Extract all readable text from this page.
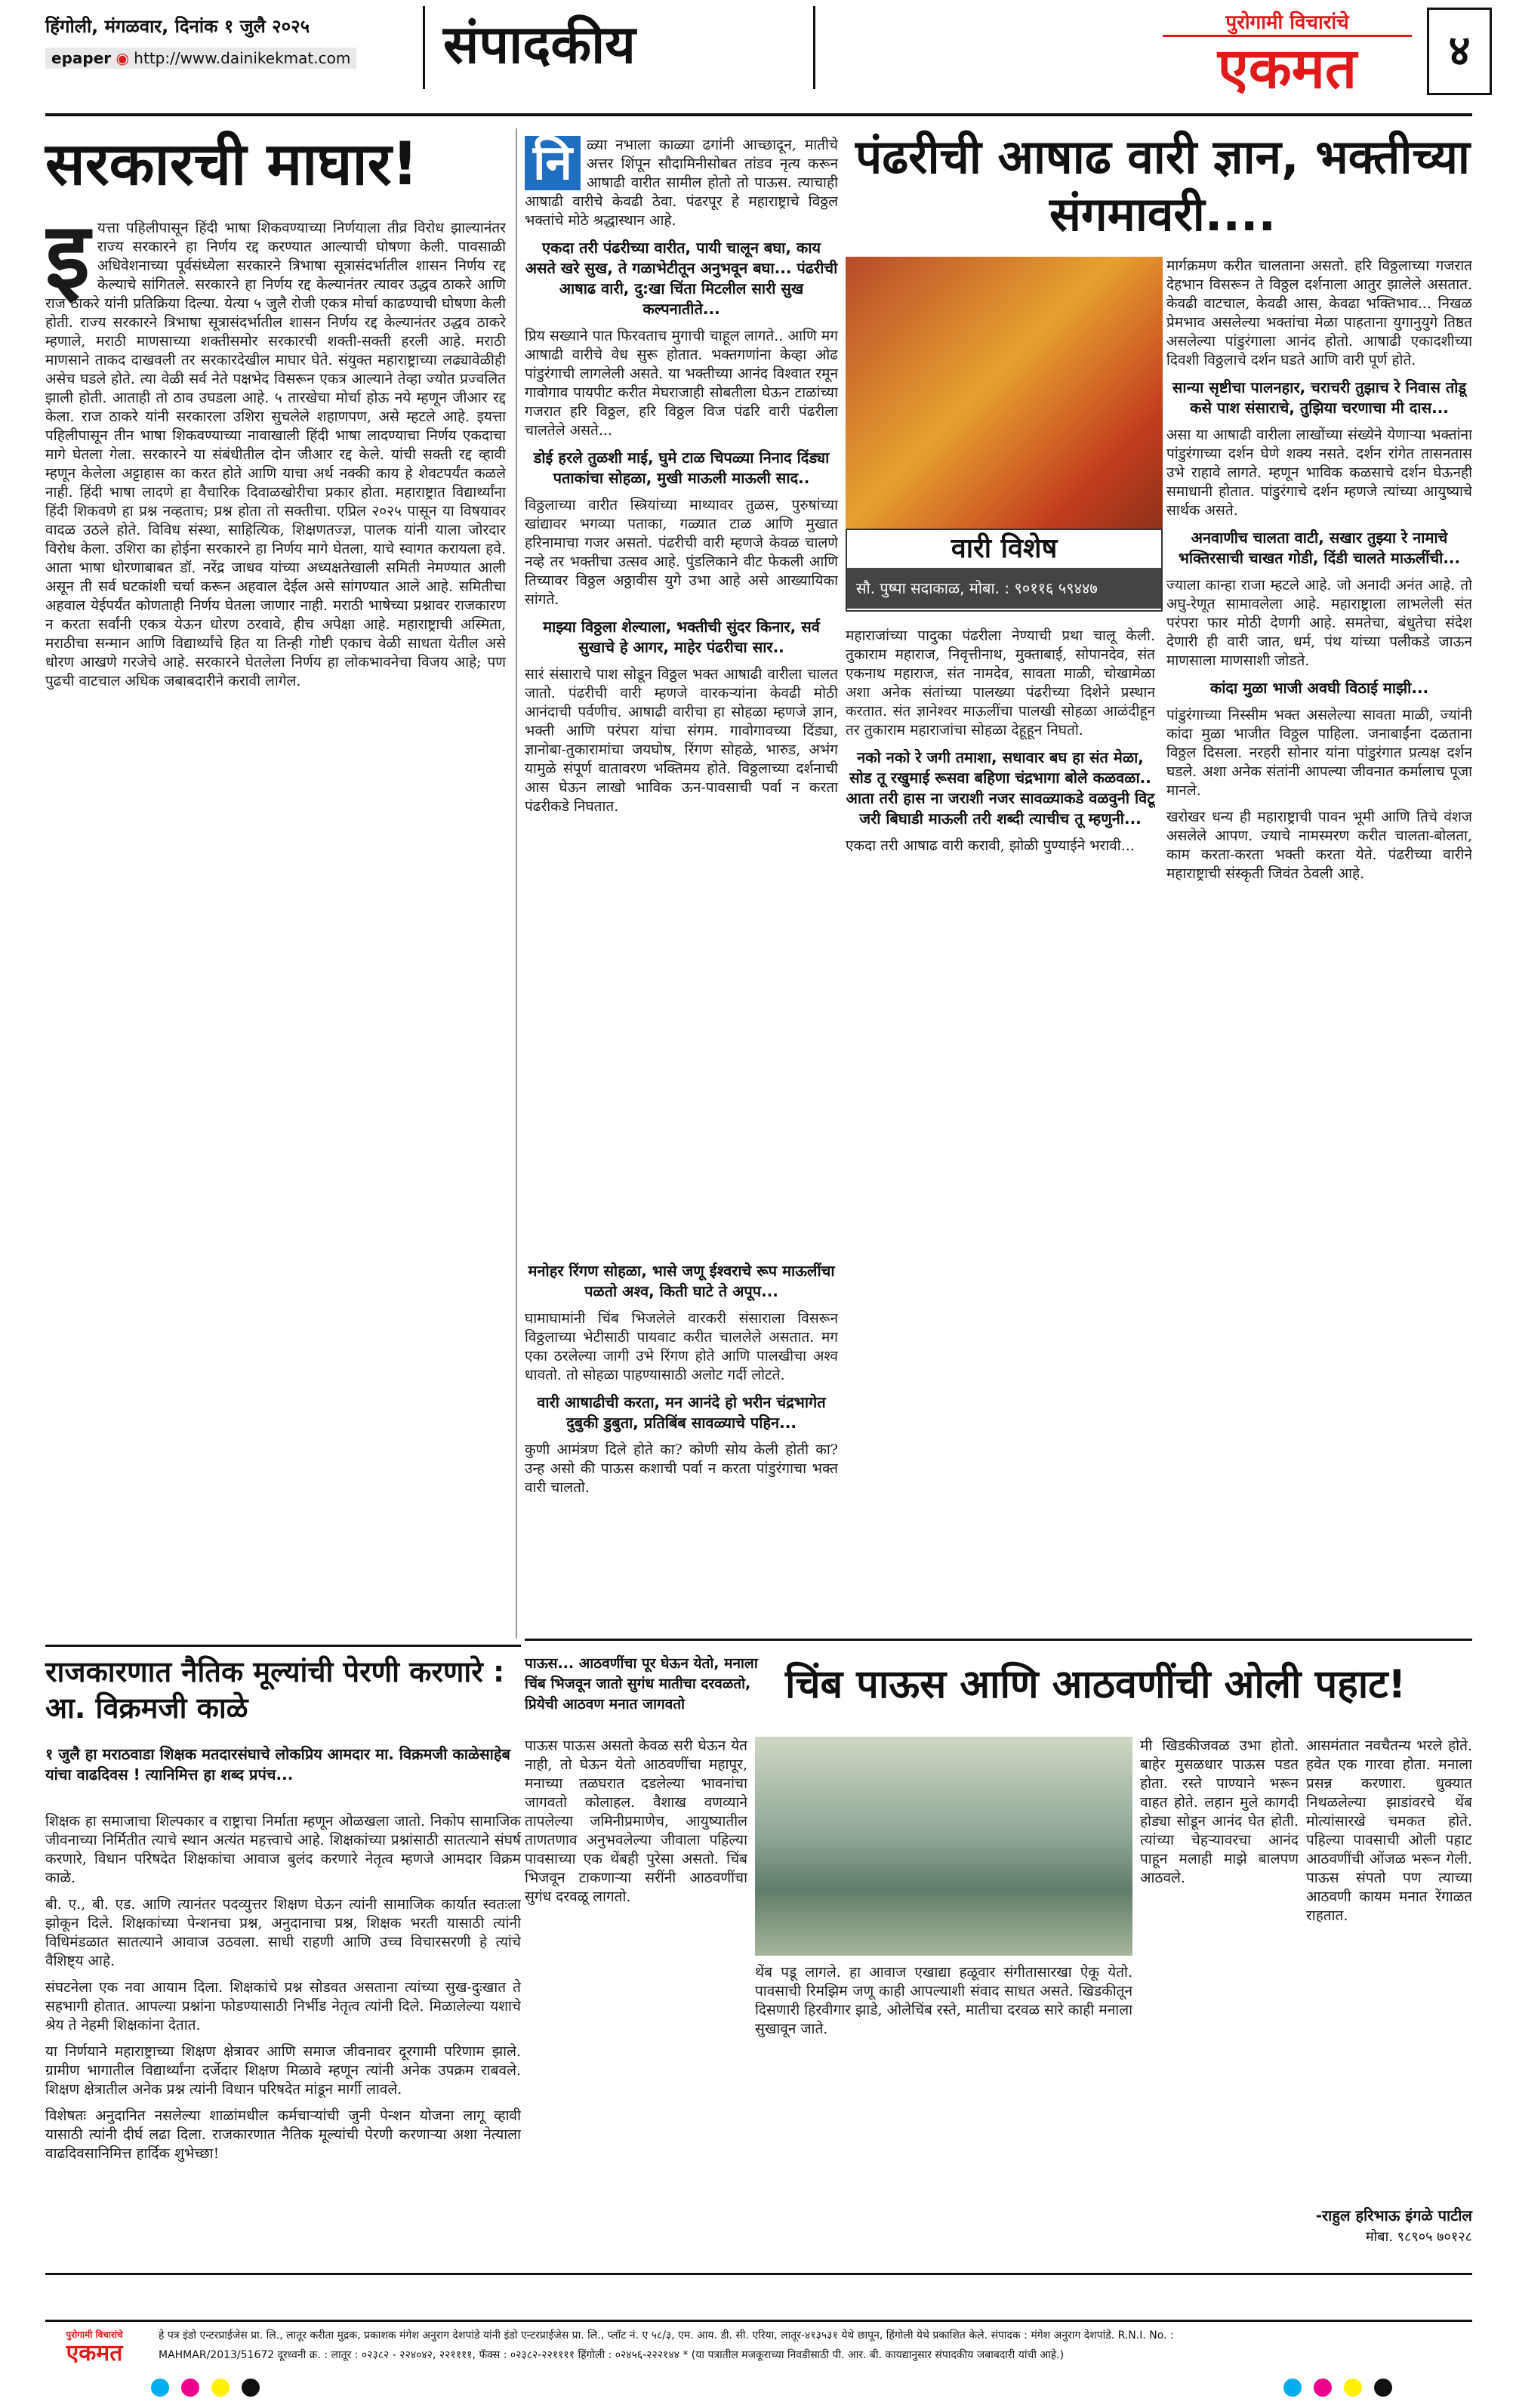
हिंगोली, मंगळवार, दिनांक १ जुलै २०२५
epaper ◉ http://www.dainikekmat.com	संपादकीय	पुरोगामी विचारांचे
एकमत	४
सरकारची माघार!
इ यत्ता पहिलीपासून हिंदी भाषा शिकवण्याच्या निर्णयाला तीव्र विरोध झाल्यानंतर राज्य सरकारने हा निर्णय रद्द करण्यात आल्याची घोषणा केली. पावसाळी अधिवेशनाच्या पूर्वसंध्येला सरकारने त्रिभाषा सूत्रासंदर्भातील शासन निर्णय रद्द केल्याचे सांगितले. सरकारने हा निर्णय रद्द केल्यानंतर त्यावर उद्धव ठाकरे आणि राज ठाकरे यांनी प्रतिक्रिया दिल्या. येत्या ५ जुलै रोजी एकत्र मोर्चा काढण्याची घोषणा केली होती. राज्य सरकारने त्रिभाषा सूत्रासंदर्भातील शासन निर्णय रद्द केल्यानंतर उद्धव ठाकरे म्हणाले, मराठी माणसाच्या शक्तीसमोर सरकारची शक्ती-सक्ती हरली आहे. मराठी माणसाने ताकद दाखवली तर सरकारदेखील माघार घेते. संयुक्त महाराष्ट्राच्या लढ्यावेळीही असेच घडले होते. त्या वेळी सर्व नेते पक्षभेद विसरून एकत्र आल्याने तेव्हा ज्योत प्रज्वलित झाली होती. आताही तो ठाव उघडला आहे. ५ तारखेचा मोर्चा होऊ नये म्हणून जीआर रद्द केला. राज ठाकरे यांनी सरकारला उशिरा सुचलेले शहाणपण, असे म्हटले आहे. इयत्ता पहिलीपासून तीन भाषा शिकवण्याच्या नावाखाली हिंदी भाषा लादण्याचा निर्णय एकदाचा मागे घेतला गेला. सरकारने या संबंधीतील दोन जीआर रद्द केले. यांची सक्ती रद्द व्हावी म्हणून केलेला अट्टाहास का करत होते आणि याचा अर्थ नक्की काय हे शेवटपर्यंत कळले नाही. हिंदी भाषा लादणे हा वैचारिक दिवाळखोरीचा प्रकार होता. महाराष्ट्रात विद्यार्थ्यांना हिंदी शिकवणे हा प्रश्न नव्हताच; प्रश्न होता तो सक्तीचा. एप्रिल २०२५ पासून या विषयावर वादळ उठले होते. विविध संस्था, साहित्यिक, शिक्षणतज्ज्ञ, पालक यांनी याला जोरदार विरोध केला. उशिरा का होईना सरकारने हा निर्णय मागे घेतला, याचे स्वागत करायला हवे. आता भाषा धोरणाबाबत डॉ. नरेंद्र जाधव यांच्या अध्यक्षतेखाली समिती नेमण्यात आली असून ती सर्व घटकांशी चर्चा करून अहवाल देईल असे सांगण्यात आले आहे. समितीचा अहवाल येईपर्यंत कोणताही निर्णय घेतला जाणार नाही. मराठी भाषेच्या प्रश्नावर राजकारण न करता सर्वांनी एकत्र येऊन धोरण ठरवावे, हीच अपेक्षा आहे. महाराष्ट्राची अस्मिता, मराठीचा सन्मान आणि विद्यार्थ्यांचे हित या तिन्ही गोष्टी एकाच वेळी साधता येतील असे धोरण आखणे गरजेचे आहे. सरकारने घेतलेला निर्णय हा लोकभावनेचा विजय आहे; पण पुढची वाटचाल अधिक जबाबदारीने करावी लागेल.
नि ळ्या नभाला काळ्या ढगांनी आच्छादून, मातीचे अत्तर शिंपून सौदामिनीसोबत तांडव नृत्य करून आषाढी वारीत सामील होतो तो पाऊस. त्याचाही आषाढी वारीचे केवढी ठेवा. पंढरपूर हे महाराष्ट्राचे विठ्ठल भक्तांचे मोठे श्रद्धास्थान आहे.
एकदा तरी पंढरीच्या वारीत, पायी चालून बघा, काय असते खरे सुख, ते गळाभेटीतून अनुभवून बघा... पंढरीची आषाढ वारी, दु:खा चिंता मिटलील सारी सुख कल्पनातीते...
प्रिय सख्याने पात फिरवताच मुगाची चाहूल लागते.. आणि मग आषाढी वारीचे वेध सुरू होतात. भक्तगणांना केव्हा ओढ पांडुरंगाची लागलेली असते. या भक्तीच्या आनंद विश्वात रमून गावोगाव पायपीट करीत मेघराजाही सोबतीला घेऊन टाळांच्या गजरात हरि विठ्ठल, हरि विठ्ठल विज पंढरि वारी पंढरीला चालतेले असते...
डोई हरले तुळशी माई, घुमे टाळ चिपळ्या निनाद दिंड्या पताकांचा सोहळा, मुखी माऊली माऊली साद..
विठ्ठलाच्या वारीत स्त्रियांच्या माथ्यावर तुळस, पुरुषांच्या खांद्यावर भगव्या पताका, गळ्यात टाळ आणि मुखात हरिनामाचा गजर असतो. पंढरीची वारी म्हणजे केवळ चालणे नव्हे तर भक्तीचा उत्सव आहे. पुंडलिकाने वीट फेकली आणि तिच्यावर विठ्ठल अठ्ठावीस युगे उभा आहे असे आख्यायिका सांगते.
माझ्या विठ्ठला शेल्याला, भक्तीची सुंदर किनार, सर्व सुखाचे हे आगर, माहेर पंढरीचा सार..
सारं संसाराचे पाश सोडून विठ्ठल भक्त आषाढी वारीला चालत जातो. पंढरीची वारी म्हणजे वारकऱ्यांना केवढी मोठी आनंदाची पर्वणीच. आषाढी वारीचा हा सोहळा म्हणजे ज्ञान, भक्ती आणि परंपरा यांचा संगम. गावोगावच्या दिंड्या, ज्ञानोबा-तुकारामांचा जयघोष, रिंगण सोहळे, भारुड, अभंग यामुळे संपूर्ण वातावरण भक्तिमय होते. विठ्ठलाच्या दर्शनाची आस घेऊन लाखो भाविक ऊन-पावसाची पर्वा न करता पंढरीकडे निघतात.
पंढरीची आषाढ वारी ज्ञान, भक्तीच्या संगमावरी....
वारी विशेष
सौ. पुष्पा सदाकाळ, मोबा. : ९०११६ ५९४४७
मनोहर रिंगण सोहळा, भासे जणू ईश्वराचे रूप माऊलींचा पळतो अश्व, किती घाटे ते अपूप...
घामाघामांनी चिंब भिजलेले वारकरी संसाराला विसरून विठ्ठलाच्या भेटीसाठी पायवाट करीत चाललेले असतात. मग एका ठरलेल्या जागी उभे रिंगण होते आणि पालखीचा अश्व धावतो. तो सोहळा पाहण्यासाठी अलोट गर्दी लोटते.
वारी आषाढीची करता, मन आनंदे हो भरीन चंद्रभागेत दुबुकी डुबुता, प्रतिबिंब सावळ्याचे पहिन...
कुणी आमंत्रण दिले होते का? कोणी सोय केली होती का? उन्ह असो की पाऊस कशाची पर्वा न करता पांडुरंगाचा भक्त वारी चालतो.
महाराजांच्या पादुका पंढरीला नेण्याची प्रथा चालू केली. तुकाराम महाराज, निवृत्तीनाथ, मुक्ताबाई, सोपानदेव, संत एकनाथ महाराज, संत नामदेव, सावता माळी, चोखामेळा अशा अनेक संतांच्या पालख्या पंढरीच्या दिशेने प्रस्थान करतात. संत ज्ञानेश्वर माऊलींचा पालखी सोहळा आळंदीहून तर तुकाराम महाराजांचा सोहळा देहूहून निघतो.
नको नको रे जगी तमाशा, सधावार बघ हा संत मेळा, सोड तू रखुमाई रूसवा बहिणा चंद्रभागा बोले कळवळा.. आता तरी हास ना जराशी नजर सावळ्याकडे वळवुनी विटू जरी बिघाडी माऊली तरी शब्दी त्याचीच तू म्हणुनी...
एकदा तरी आषाढ वारी करावी, झोळी पुण्याईने भरावी...
मार्गक्रमण करीत चालताना असतो. हरि विठ्ठलाच्या गजरात देहभान विसरून ते विठ्ठल दर्शनाला आतुर झालेले असतात. केवढी वाटचाल, केवढी आस, केवढा भक्तिभाव... निखळ प्रेमभाव असलेल्या भक्तांचा मेळा पाहताना युगानुयुगे तिष्ठत असलेल्या पांडुरंगाला आनंद होतो. आषाढी एकादशीच्या दिवशी विठ्ठलाचे दर्शन घडते आणि वारी पूर्ण होते.
सान्या सृष्टीचा पालनहार, चराचरी तुझाच रे निवास तोडू कसे पाश संसाराचे, तुझिया चरणाचा मी दास...
असा या आषाढी वारीला लाखोंच्या संख्येने येणाऱ्या भक्तांना पांडुरंगाच्या दर्शन घेणे शक्य नसते. दर्शन रांगेत तासनतास उभे राहावे लागते. म्हणून भाविक कळसाचे दर्शन घेऊनही समाधानी होतात. पांडुरंगाचे दर्शन म्हणजे त्यांच्या आयुष्याचे सार्थक असते.
अनवाणीच चालता वाटी, सखार तुझ्या रे नामाचे भक्तिरसाची चाखत गोडी, दिंडी चालते माऊलींची...
ज्याला कान्हा राजा म्हटले आहे. जो अनादी अनंत आहे. तो अघु-रेणूत सामावलेला आहे. महाराष्ट्राला लाभलेली संत परंपरा फार मोठी देणगी आहे. समतेचा, बंधुतेचा संदेश देणारी ही वारी जात, धर्म, पंथ यांच्या पलीकडे जाऊन माणसाला माणसाशी जोडते.
कांदा मुळा भाजी अवघी विठाई माझी...
पांडुरंगाच्या निस्सीम भक्त असलेल्या सावता माळी, ज्यांनी कांदा मुळा भाजीत विठ्ठल पाहिला. जनाबाईंना दळताना विठ्ठल दिसला. नरहरी सोनार यांना पांडुरंगात प्रत्यक्ष दर्शन घडले. अशा अनेक संतांनी आपल्या जीवनात कर्मालाच पूजा मानले.
खरोखर धन्य ही महाराष्ट्राची पावन भूमी आणि तिचे वंशज असलेले आपण. ज्याचे नामस्मरण करीत चालता-बोलता, काम करता-करता भक्ती करता येते. पंढरीच्या वारीने महाराष्ट्राची संस्कृती जिवंत ठेवली आहे.
पाऊस... आठवणींचा पूर घेऊन येतो, मनाला चिंब भिजवून जातो सुगंध मातीचा दरवळतो, प्रियेची आठवण मनात जागवतो	चिंब पाऊस आणि आठवणींची ओली पहाट!
पाऊस पाऊस असतो केवळ सरी घेऊन येत नाही, तो घेऊन येतो आठवणींचा महापूर, मनाच्या तळघरात दडलेल्या भावनांचा जागवतो कोलाहल. वैशाख वणव्याने तापलेल्या जमिनीप्रमाणेच, आयुष्यातील ताणतणाव अनुभवलेल्या जीवाला पहिल्या पावसाच्या एक थेंबही पुरेसा असतो. चिंब भिजवून टाकणाऱ्या सरींनी आठवणींचा सुगंध दरवळू लागतो.
थेंब पडू लागले. हा आवाज एखाद्या हळूवार संगीतासारखा ऐकू येतो. पावसाची रिमझिम जणू काही आपल्याशी संवाद साधत असते. खिडकीतून दिसणारी हिरवीगार झाडे, ओलेचिंब रस्ते, मातीचा दरवळ सारे काही मनाला सुखावून जाते.
मी खिडकीजवळ उभा होतो. बाहेर मुसळधार पाऊस पडत होता. रस्ते पाण्याने भरून वाहत होते. लहान मुले कागदी होड्या सोडून आनंद घेत होती. त्यांच्या चेहऱ्यावरचा आनंद पाहून मलाही माझे बालपण आठवले.
आसमंतात नवचैतन्य भरले होते. हवेत एक गारवा होता. मनाला प्रसन्न करणारा. धुक्यात निथळलेल्या झाडांवरचे थेंब मोत्यांसारखे चमकत होते. पहिल्या पावसाची ओली पहाट आठवणींची ओंजळ भरून गेली. पाऊस संपतो पण त्याच्या आठवणी कायम मनात रेंगाळत राहतात.
-राहुल हरिभाऊ इंगळे पाटील
मोबा. ९८९०५ ७०१२८
राजकारणात नैतिक मूल्यांची पेरणी करणारे : आ. विक्रमजी काळे
१ जुलै हा मराठवाडा शिक्षक मतदारसंघाचे लोकप्रिय आमदार मा. विक्रमजी काळेसाहेब यांचा वाढदिवस ! त्यानिमित्त हा शब्द प्रपंच...
शिक्षक हा समाजाचा शिल्पकार व राष्ट्राचा निर्माता म्हणून ओळखला जातो. निकोप सामाजिक जीवनाच्या निर्मितीत त्याचे स्थान अत्यंत महत्त्वाचे आहे. शिक्षकांच्या प्रश्नांसाठी सातत्याने संघर्ष करणारे, विधान परिषदेत शिक्षकांचा आवाज बुलंद करणारे नेतृत्व म्हणजे आमदार विक्रम काळे.
बी. ए., बी. एड. आणि त्यानंतर पदव्युत्तर शिक्षण घेऊन त्यांनी सामाजिक कार्यात स्वतःला झोकून दिले. शिक्षकांच्या पेन्शनचा प्रश्न, अनुदानाचा प्रश्न, शिक्षक भरती यासाठी त्यांनी विधिमंडळात सातत्याने आवाज उठवला. साधी राहणी आणि उच्च विचारसरणी हे त्यांचे वैशिष्ट्य आहे.
संघटनेला एक नवा आयाम दिला. शिक्षकांचे प्रश्न सोडवत असताना त्यांच्या सुख-दुःखात ते सहभागी होतात. आपल्या प्रश्नांना फोडण्यासाठी निर्भीड नेतृत्व त्यांनी दिले. मिळालेल्या यशाचे श्रेय ते नेहमी शिक्षकांना देतात.
या निर्णयाने महाराष्ट्राच्या शिक्षण क्षेत्रावर आणि समाज जीवनावर दूरगामी परिणाम झाले. ग्रामीण भागातील विद्यार्थ्यांना दर्जेदार शिक्षण मिळावे म्हणून त्यांनी अनेक उपक्रम राबवले. शिक्षण क्षेत्रातील अनेक प्रश्न त्यांनी विधान परिषदेत मांडून मार्गी लावले.
विशेषतः अनुदानित नसलेल्या शाळांमधील कर्मचाऱ्यांची जुनी पेन्शन योजना लागू व्हावी यासाठी त्यांनी दीर्घ लढा दिला. राजकारणात नैतिक मूल्यांची पेरणी करणाऱ्या अशा नेत्याला वाढदिवसानिमित्त हार्दिक शुभेच्छा!
पुरोगामी विचारांचे
एकमत
हे पत्र इंडो एन्टरप्राईजेस प्रा. लि., लातूर करीता मुद्रक, प्रकाशक मंगेश अनुराग देशपांडे यांनी इंडो एन्टरप्राईजेस प्रा. लि., प्लॉट नं. ए ५८/३, एम. आय. डी. सी. एरिया, लातूर-४१३५३१ येथे छापून, हिंगोली येथे प्रकाशित केले. संपादक : मंगेश अनुराग देशपांडे. R.N.I. No. :
MAHMAR/2013/51672 दूरध्वनी क्र. : लातूर : ०२३८२ - २२४०४२, २२११११, फॅक्स : ०२३८२-२२११११ हिंगोली : ०२४५६-२२२१४४ * (या पत्रातील मजकूराच्या निवडीसाठी पी. आर. बी. कायद्यानुसार संपादकीय जबाबदारी यांची आहे.)
